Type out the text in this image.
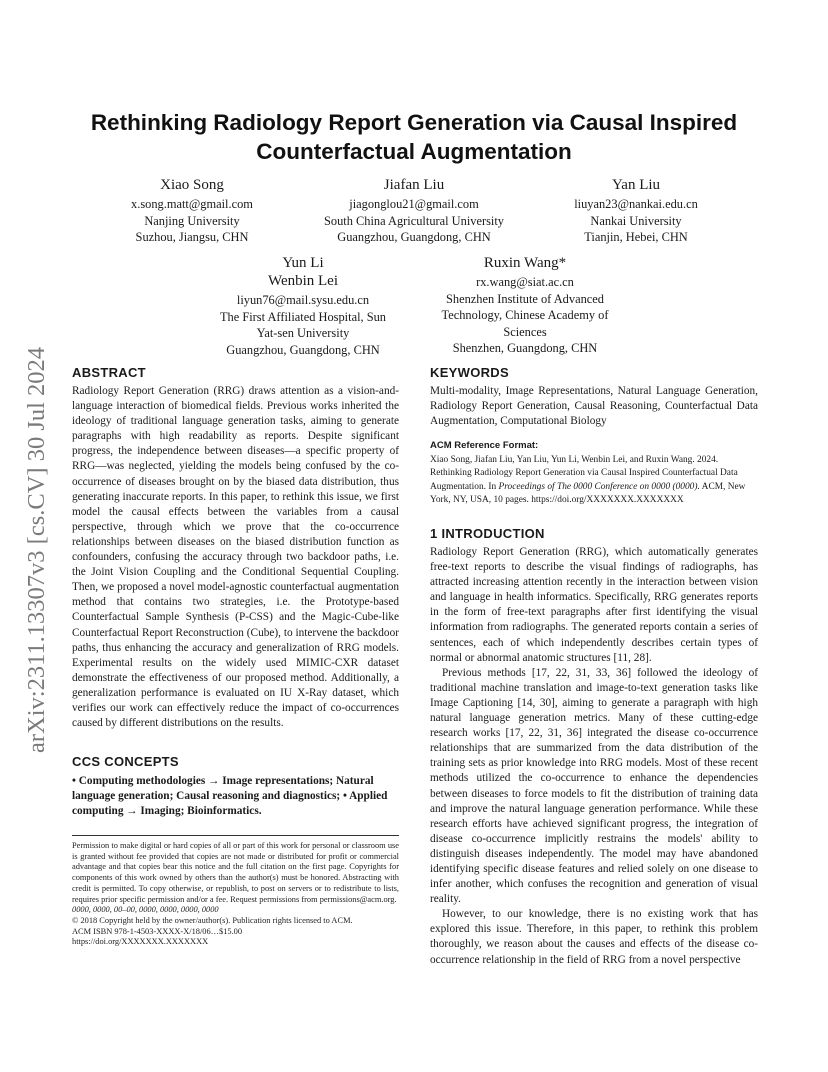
arXiv:2311.13307v3 [cs.CV] 30 Jul 2024
Rethinking Radiology Report Generation via Causal Inspired Counterfactual Augmentation
Xiao Song
x.song.matt@gmail.com
Nanjing University
Suzhou, Jiangsu, CHN
Jiafan Liu
jiagonglou21@gmail.com
South China Agricultural University
Guangzhou, Guangdong, CHN
Yan Liu
liuyan23@nankai.edu.cn
Nankai University
Tianjin, Hebei, CHN
Yun Li
Wenbin Lei
liyun76@mail.sysu.edu.cn
The First Affiliated Hospital, Sun
Yat-sen University
Guangzhou, Guangdong, CHN
Ruxin Wang*
rx.wang@siat.ac.cn
Shenzhen Institute of Advanced
Technology, Chinese Academy of
Sciences
Shenzhen, Guangdong, CHN
ABSTRACT

Radiology Report Generation (RRG) draws attention as a vision-and-language interaction of biomedical fields. Previous works inherited the ideology of traditional language generation tasks, aiming to generate paragraphs with high readability as reports. Despite significant progress, the independence between diseases—a specific property of RRG—was neglected, yielding the models being confused by the co-occurrence of diseases brought on by the biased data distribution, thus generating inaccurate reports. In this paper, to rethink this issue, we first model the causal effects between the variables from a causal perspective, through which we prove that the co-occurrence relationships between diseases on the biased distribution function as confounders, confusing the accuracy through two backdoor paths, i.e. the Joint Vision Coupling and the Conditional Sequential Coupling. Then, we proposed a novel model-agnostic counterfactual augmentation method that contains two strategies, i.e. the Prototype-based Counterfactual Sample Synthesis (P-CSS) and the Magic-Cube-like Counterfactual Report Reconstruction (Cube), to intervene the backdoor paths, thus enhancing the accuracy and generalization of RRG models. Experimental results on the widely used MIMIC-CXR dataset demonstrate the effectiveness of our proposed method. Additionally, a generalization performance is evaluated on IU X-Ray dataset, which verifies our work can effectively reduce the impact of co-occurrences caused by different distributions on the results.

CCS CONCEPTS
• Computing methodologies → Image representations; Natural language generation; Causal reasoning and diagnostics; • Applied computing → Imaging; Bioinformatics.
Permission to make digital or hard copies of all or part of this work for personal or classroom use is granted without fee provided that copies are not made or distributed for profit or commercial advantage and that copies bear this notice and the full citation on the first page. Copyrights for components of this work owned by others than the author(s) must be honored. Abstracting with credit is permitted. To copy otherwise, or republish, to post on servers or to redistribute to lists, requires prior specific permission and/or a fee. Request permissions from permissions@acm.org.
0000, 0000, 00–00, 0000, 0000, 0000, 0000
© 2018 Copyright held by the owner/author(s). Publication rights licensed to ACM.
ACM ISBN 978-1-4503-XXXX-X/18/06…$15.00
https://doi.org/XXXXXXX.XXXXXXX
KEYWORDS

Multi-modality, Image Representations, Natural Language Generation, Radiology Report Generation, Causal Reasoning, Counterfactual Data Augmentation, Computational Biology

ACM Reference Format:
Xiao Song, Jiafan Liu, Yan Liu, Yun Li, Wenbin Lei, and Ruxin Wang. 2024. Rethinking Radiology Report Generation via Causal Inspired Counterfactual Data Augmentation. In Proceedings of The 0000 Conference on 0000 (0000). ACM, New York, NY, USA, 10 pages. https://doi.org/XXXXXXX.XXXXXXX
1 INTRODUCTION

Radiology Report Generation (RRG), which automatically generates free-text reports to describe the visual findings of radiographs, has attracted increasing attention recently in the interaction between vision and language in health informatics. Specifically, RRG generates reports in the form of free-text paragraphs after first identifying the visual information from radiographs. The generated reports contain a series of sentences, each of which independently describes certain types of normal or abnormal anatomic structures [11, 28].

Previous methods [17, 22, 31, 33, 36] followed the ideology of traditional machine translation and image-to-text generation tasks like Image Captioning [14, 30], aiming to generate a paragraph with high natural language generation metrics. Many of these cutting-edge research works [17, 22, 31, 36] integrated the disease co-occurrence relationships that are summarized from the data distribution of the training sets as prior knowledge into RRG models. Most of these recent methods utilized the co-occurrence to enhance the dependencies between diseases to force models to fit the distribution of training data and improve the natural language generation performance. While these research efforts have achieved significant progress, the integration of disease co-occurrence implicitly restrains the models' ability to distinguish diseases independently. The model may have abandoned identifying specific disease features and relied solely on one disease to infer another, which confuses the recognition and generation of visual reality.

However, to our knowledge, there is no existing work that has explored this issue. Therefore, in this paper, to rethink this problem thoroughly, we reason about the causes and effects of the disease co-occurrence relationship in the field of RRG from a novel perspective
